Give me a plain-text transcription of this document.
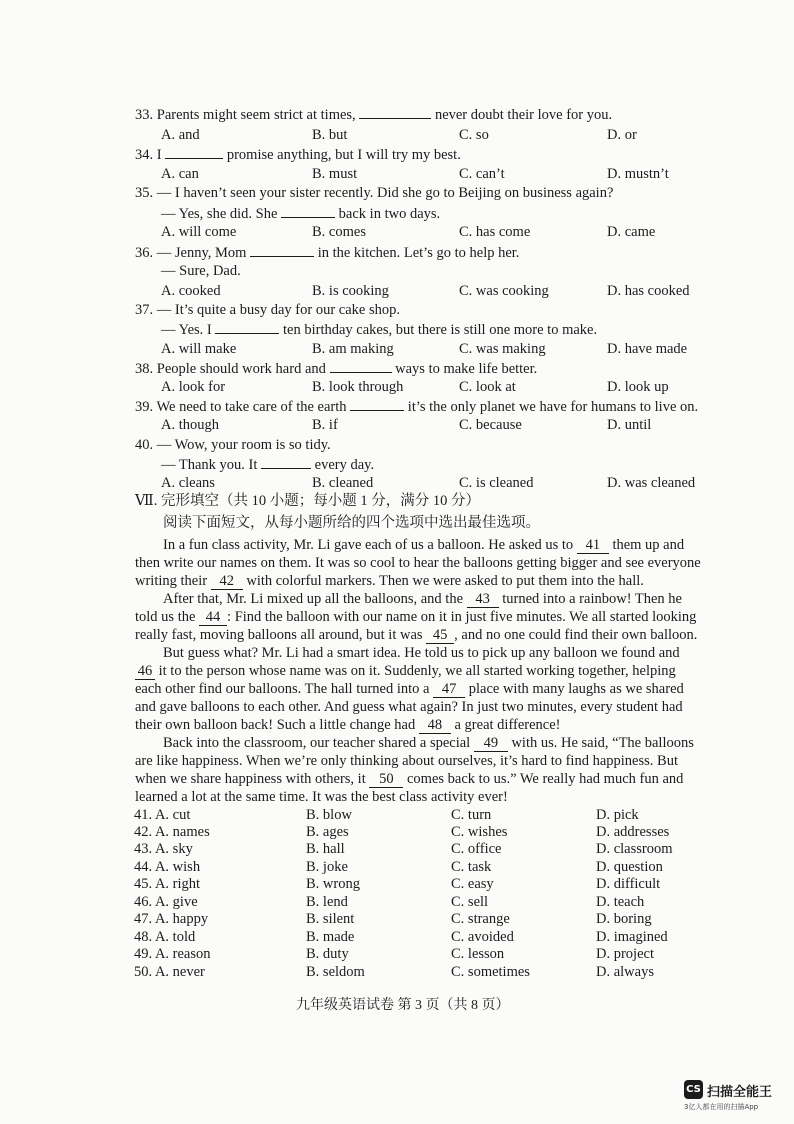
33. Parents might seem strict at times,	never doubt their love for you.
A. and	B. but	C. so	D. or
34. I	promise anything, but I will try my best.
A. can	B. must	C. can’t	D. mustn’t
35. — I haven’t seen your sister recently. Did she go to Beijing on business again?
— Yes, she did. She	back in two days.
A. will come	B. comes	C. has come	D. came
36. — Jenny, Mom	in the kitchen. Let’s go to help her.
— Sure, Dad.
A. cooked	B. is cooking	C. was cooking	D. has cooked
37. — It’s quite a busy day for our cake shop.
— Yes. I	ten birthday cakes, but there is still one more to make.
A. will make	B. am making	C. was making	D. have made
38. People should work hard and	ways to make life better.
A. look for	B. look through	C. look at	D. look up
39. We need to take care of the earth	it’s the only planet we have for humans to live on.
A. though	B. if	C. because	D. until
40. — Wow, your room is so tidy.
— Thank you. It	every day.
A. cleans	B. cleaned	C. is cleaned	D. was cleaned
Ⅶ. 完形填空（共 10 小题；每小题 1 分，满分 10 分）
阅读下面短文，从每小题所给的四个选项中选出最佳选项。
In a fun class activity, Mr. Li gave each of us a balloon. He asked us to 41 them up and
then write our names on them. It was so cool to hear the balloons getting bigger and see everyone
writing their 42 with colorful markers. Then we were asked to put them into the hall.
After that, Mr. Li mixed up all the balloons, and the 43 turned into a rainbow! Then he
told us the 44 : Find the balloon with our name on it in just five minutes. We all started looking
really fast, moving balloons all around, but it was 45 , and no one could find their own balloon.
But guess what? Mr. Li had a smart idea. He told us to pick up any balloon we found and
46 it to the person whose name was on it. Suddenly, we all started working together, helping
each other find our balloons. The hall turned into a 47 place with many laughs as we shared
and gave balloons to each other. And guess what again? In just two minutes, every student had
their own balloon back! Such a little change had 48 a great difference!
Back into the classroom, our teacher shared a special 49 with us. He said, “The balloons
are like happiness. When we’re only thinking about ourselves, it’s hard to find happiness. But
when we share happiness with others, it 50 comes back to us.” We really had much fun and
learned a lot at the same time. It was the best class activity ever!
41. A. cut	B. blow	C. turn	D. pick
42. A. names	B. ages	C. wishes	D. addresses
43. A. sky	B. hall	C. office	D. classroom
44. A. wish	B. joke	C. task	D. question
45. A. right	B. wrong	C. easy	D. difficult
46. A. give	B. lend	C. sell	D. teach
47. A. happy	B. silent	C. strange	D. boring
48. A. told	B. made	C. avoided	D. imagined
49. A. reason	B. duty	C. lesson	D. project
50. A. never	B. seldom	C. sometimes	D. always
九年级英语试卷 第 3 页（共 8 页）
CS 扫描全能王
3亿人都在用的扫描App
